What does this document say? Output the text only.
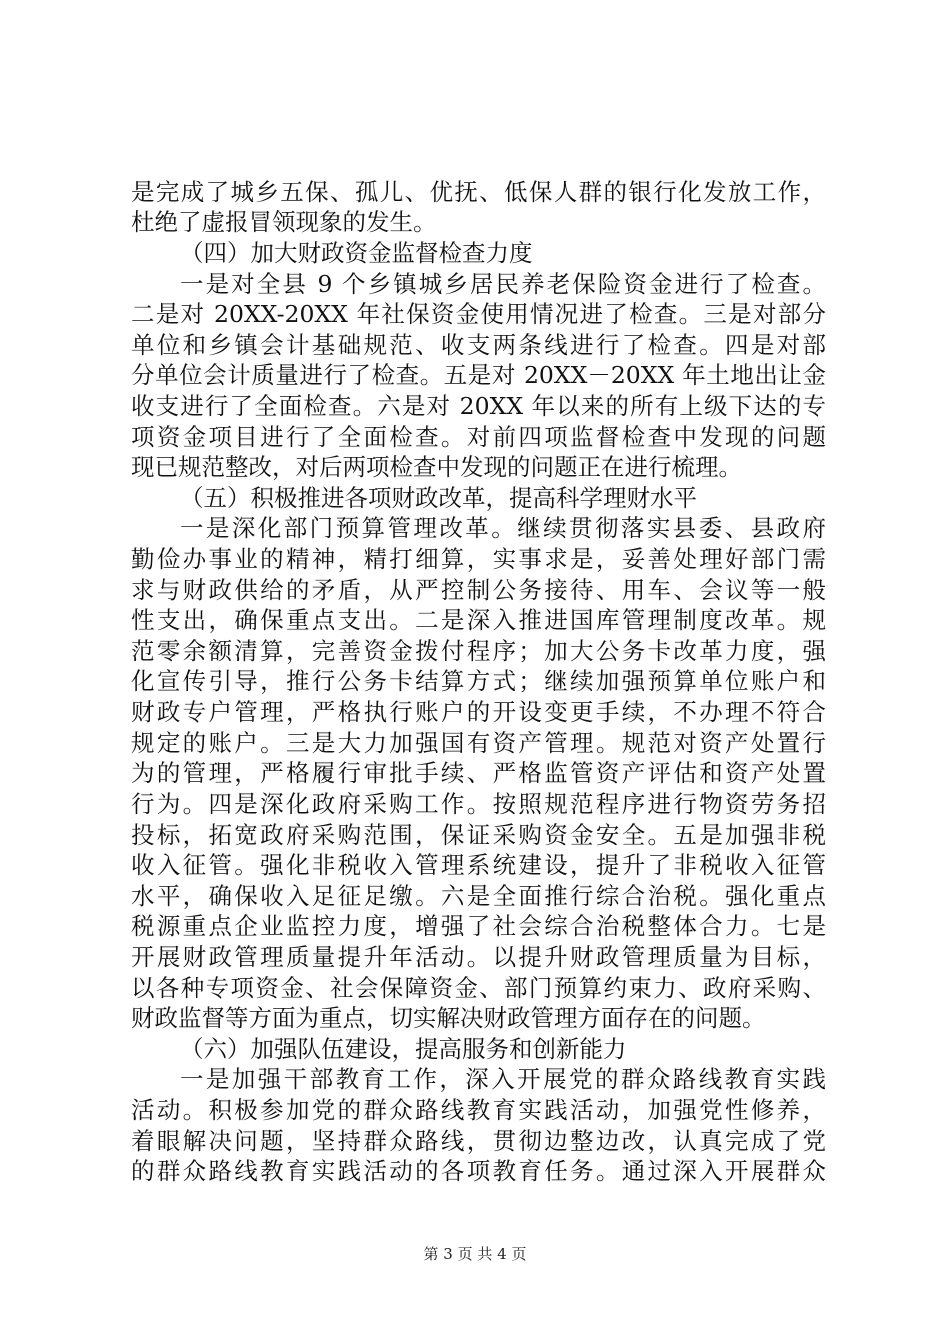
是完成了城乡五保、孤儿、优抚、低保人群的银行化发放工作，
杜绝了虚报冒领现象的发生。
（四）加大财政资金监督检查力度
一是对全县 9 个乡镇城乡居民养老保险资金进行了检查。
二是对 20XX-20XX 年社保资金使用情况进了检查。三是对部分
单位和乡镇会计基础规范、收支两条线进行了检查。四是对部
分单位会计质量进行了检查。五是对 20XX－20XX 年土地出让金
收支进行了全面检查。六是对 20XX 年以来的所有上级下达的专
项资金项目进行了全面检查。对前四项监督检查中发现的问题
现已规范整改，对后两项检查中发现的问题正在进行梳理。
（五）积极推进各项财政改革，提高科学理财水平
一是深化部门预算管理改革。继续贯彻落实县委、县政府
勤俭办事业的精神，精打细算，实事求是，妥善处理好部门需
求与财政供给的矛盾，从严控制公务接待、用车、会议等一般
性支出，确保重点支出。二是深入推进国库管理制度改革。规
范零余额清算，完善资金拨付程序；加大公务卡改革力度，强
化宣传引导，推行公务卡结算方式；继续加强预算单位账户和
财政专户管理，严格执行账户的开设变更手续，不办理不符合
规定的账户。三是大力加强国有资产管理。规范对资产处置行
为的管理，严格履行审批手续、严格监管资产评估和资产处置
行为。四是深化政府采购工作。按照规范程序进行物资劳务招
投标，拓宽政府采购范围，保证采购资金安全。五是加强非税
收入征管。强化非税收入管理系统建设，提升了非税收入征管
水平，确保收入足征足缴。六是全面推行综合治税。强化重点
税源重点企业监控力度，增强了社会综合治税整体合力。七是
开展财政管理质量提升年活动。以提升财政管理质量为目标，
以各种专项资金、社会保障资金、部门预算约束力、政府采购、
财政监督等方面为重点，切实解决财政管理方面存在的问题。
（六）加强队伍建设，提高服务和创新能力
一是加强干部教育工作，深入开展党的群众路线教育实践
活动。积极参加党的群众路线教育实践活动，加强党性修养，
着眼解决问题，坚持群众路线，贯彻边整边改，认真完成了党
的群众路线教育实践活动的各项教育任务。通过深入开展群众
第 3 页 共 4 页
